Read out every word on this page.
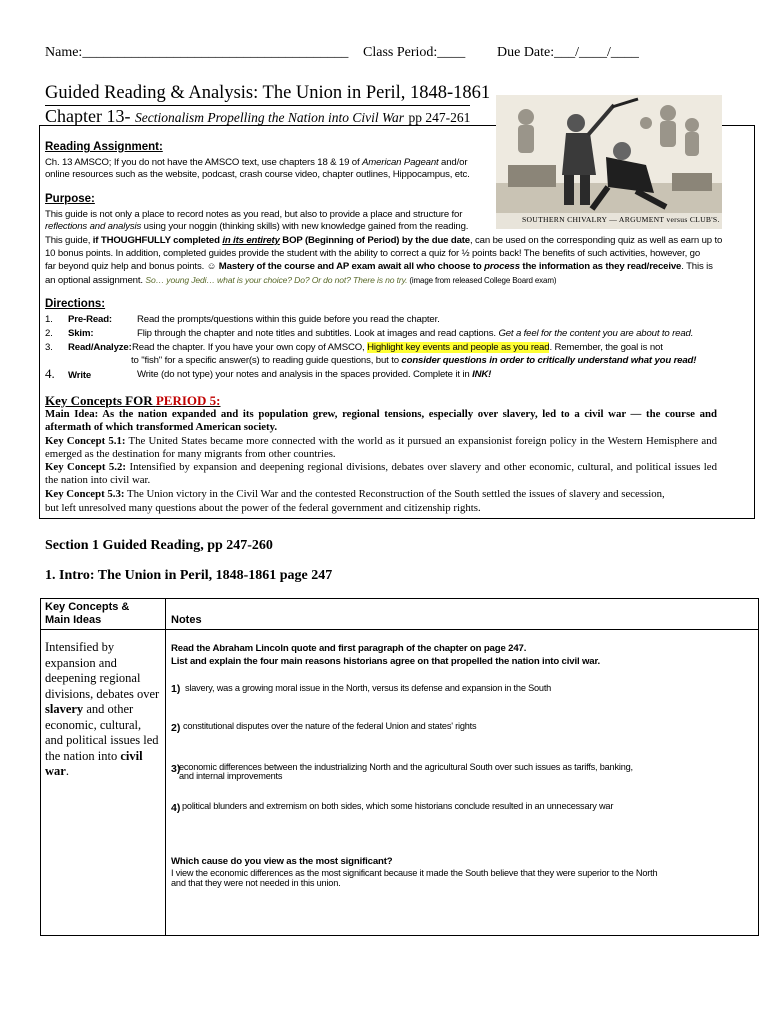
Name:______________________________________ Class Period:____ Due Date:___/____/____
Guided Reading & Analysis: The Union in Peril, 1848-1861
Chapter 13- Sectionalism Propelling the Nation into Civil War pp 247-261
SOUTHERN CHIVALRY — ARGUMENT versus CLUB'S.
Reading Assignment:
Ch. 13 AMSCO; If you do not have the AMSCO text, use chapters 18 & 19 of American Pageant and/or
online resources such as the website, podcast, crash course video, chapter outlines, Hippocampus, etc.
Purpose:
This guide is not only a place to record notes as you read, but also to provide a place and structure for
reflections and analysis using your noggin (thinking skills) with new knowledge gained from the reading.
This guide, if THOUGHFULLY completed in its entirety BOP (Beginning of Period) by the due date, can be used on the corresponding quiz as well as earn up to
10 bonus points. In addition, completed guides provide the student with the ability to correct a quiz for ½ points back! The benefits of such activities, however, go
far beyond quiz help and bonus points. ☺ Mastery of the course and AP exam await all who choose to process the information as they read/receive. This is
an optional assignment. So… young Jedi… what is your choice? Do? Or do not? There is no try. (image from released College Board exam)
Directions:
1. Pre-Read:	Read the prompts/questions within this guide before you read the chapter.
2. Skim:	Flip through the chapter and note titles and subtitles. Look at images and read captions. Get a feel for the content you are about to read.
3. Read/Analyze: Read the chapter. If you have your own copy of AMSCO, Highlight key events and people as you read. Remember, the goal is not
to "fish" for a specific answer(s) to reading guide questions, but to consider questions in order to critically understand what you read!
4. Write	Write (do not type) your notes and analysis in the spaces provided. Complete it in INK!
Key Concepts FOR PERIOD 5:
Main Idea: As the nation expanded and its population grew, regional tensions, especially over slavery, led to a civil war — the course and aftermath of which transformed American society.
Key Concept 5.1: The United States became more connected with the world as it pursued an expansionist foreign policy in the Western Hemisphere and emerged as the destination for many migrants from other countries.
Key Concept 5.2: Intensified by expansion and deepening regional divisions, debates over slavery and other economic, cultural, and political issues led the nation into civil war.
Key Concept 5.3: The Union victory in the Civil War and the contested Reconstruction of the South settled the issues of slavery and secession,
but left unresolved many questions about the power of the federal government and citizenship rights.
Section 1 Guided Reading, pp 247-260
1. Intro: The Union in Peril, 1848-1861 page 247
Key Concepts &
Main Ideas	Notes
Intensified by expansion and deepening regional divisions, debates over slavery and other economic, cultural, and political issues led the nation into civil war.
Read the Abraham Lincoln quote and first paragraph of the chapter on page 247.
List and explain the four main reasons historians agree on that propelled the nation into civil war.
1) slavery, was a growing moral issue in the North, versus its defense and expansion in the South
2) constitutional disputes over the nature of the federal Union and states' rights
3)
economic differences between the industrializing North and the agricultural South over such issues as tariffs, banking,
and internal improvements
4) political blunders and extremism on both sides, which some historians conclude resulted in an unnecessary war
Which cause do you view as the most significant?
I view the economic differences as the most significant because it made the South believe that they were superior to the North
and that they were not needed in this union.
